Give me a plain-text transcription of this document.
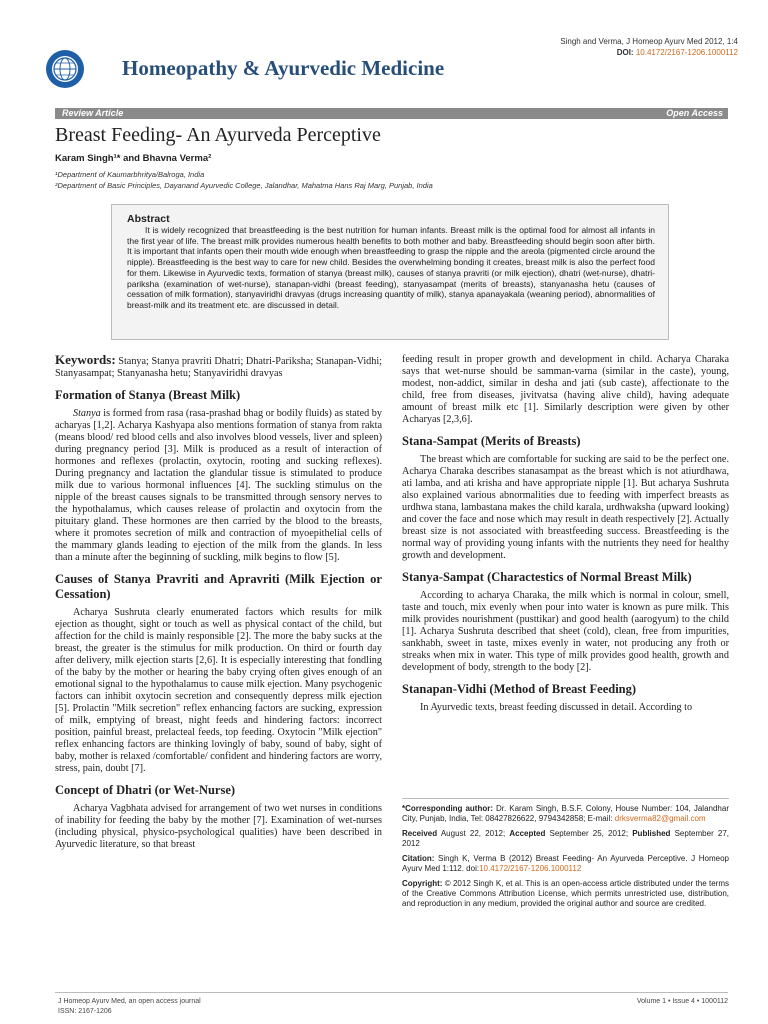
Singh and Verma, J Homeop Ayurv Med 2012, 1:4
DOI: 10.4172/2167-1206.1000112
Homeopathy & Ayurvedic Medicine
Review Article	Open Access
Breast Feeding- An Ayurveda Perceptive
Karam Singh¹* and Bhavna Verma²
¹Department of Kaumarbhritya/Balroga, India
²Department of Basic Principles, Dayanand Ayurvedic College, Jalandhar, Mahatma Hans Raj Marg, Punjab, India
Abstract

It is widely recognized that breastfeeding is the best nutrition for human infants. Breast milk is the optimal food for almost all infants in the first year of life. The breast milk provides numerous health benefits to both mother and baby. Breastfeeding should begin soon after birth. It is important that infants open their mouth wide enough when breastfeeding to grasp the nipple and the areola (pigmented circle around the nipple). Breastfeeding is the best way to care for new child. Besides the overwhelming bonding it creates, breast milk is also the perfect food for them. Likewise in Ayurvedic texts, formation of stanya (breast milk), causes of stanya pravriti (or milk ejection), dhatri (wet-nurse), dhatri-pariksha (examination of wet-nurse), stanapan-vidhi (breast feeding), stanyasampat (merits of breasts), stanyanasha hetu (causes of cessation of milk formation), stanyaviridhi dravyas (drugs increasing quantity of milk), stanya apanayakala (weaning period), abnormalities of breast-milk and its treatment etc. are discussed in detail.

Keywords: Stanya; Stanya pravriti Dhatri; Dhatri-Pariksha; Stanapan-Vidhi; Stanyasampat; Stanyanasha hetu; Stanyaviridhi dravyas

Formation of Stanya (Breast Milk)

Stanya is formed from rasa (rasa-prashad bhag or bodily fluids) as stated by acharyas [1,2]. Acharya Kashyapa also mentions formation of stanya from rakta (means blood/ red blood cells and also involves blood vessels, liver and spleen) during pregnancy period [3]. Milk is produced as a result of interaction of hormones and reflexes (prolactin, oxytocin, rooting and sucking reflexes). During pregnancy and lactation the glandular tissue is stimulated to produce milk due to various hormonal influences [4]. The suckling stimulus on the nipple of the breast causes signals to be transmitted through sensory nerves to the hypothalamus, which causes release of prolactin and oxytocin from the pituitary gland. These hormones are then carried by the blood to the breasts, where it promotes secretion of milk and contraction of myoepithelial cells of the mammary glands leading to ejection of the milk from the glands. In less than a minute after the beginning of suckling, milk begins to flow [5].

Causes of Stanya Pravriti and Apravriti (Milk Ejection or Cessation)

Acharya Sushruta clearly enumerated factors which results for milk ejection as thought, sight or touch as well as physical contact of the child, but affection for the child is mainly responsible [2]. The more the baby sucks at the breast, the greater is the stimulus for milk production. On third or fourth day after delivery, milk ejection starts [2,6]. It is especially interesting that fondling of the baby by the mother or hearing the baby crying often gives enough of an emotional signal to the hypothalamus to cause milk ejection. Many psychogenic factors can inhibit oxytocin secretion and consequently depress milk ejection [5]. Prolactin "Milk secretion" reflex enhancing factors are sucking, expression of milk, emptying of breast, night feeds and hindering factors: incorrect position, painful breast, prelacteal feeds, top feeding. Oxytocin "Milk ejection" reflex enhancing factors are thinking lovingly of baby, sound of baby, sight of baby, mother is relaxed /comfortable/ confident and hindering factors are worry, stress, pain, doubt [7].

Concept of Dhatri (or Wet-Nurse)

Acharya Vagbhata advised for arrangement of two wet nurses in conditions of inability for feeding the baby by the mother [7]. Examination of wet-nurses (including physical, physico-psychological qualities) have been described in Ayurvedic literature, so that breast

feeding result in proper growth and development in child. Acharya Charaka says that wet-nurse should be samman-varna (similar in the caste), young, modest, non-addict, similar in desha and jati (sub caste), affectionate to the child, free from diseases, jivitvatsa (having alive child), having adequate amount of breast milk etc [1]. Similarly description were given by other Acharyas [2,3,6].

Stana-Sampat (Merits of Breasts)

The breast which are comfortable for sucking are said to be the perfect one. Acharya Charaka describes stanasampat as the breast which is not atiurdhawa, ati lamba, and ati krisha and have appropriate nipple [1]. But acharya Sushruta also explained various abnormalities due to feeding with imperfect breasts as urdhwa stana, lambastana makes the child karala, urdhwaksha (upward looking) and cover the face and nose which may result in death respectively [2]. Actually breast size is not associated with breastfeeding success. Breastfeeding is the normal way of providing young infants with the nutrients they need for healthy growth and development.

Stanya-Sampat (Charactestics of Normal Breast Milk)

According to acharya Charaka, the milk which is normal in colour, smell, taste and touch, mix evenly when pour into water is known as pure milk. This milk provides nourishment (pusttikar) and good health (aarogyum) to the child [1]. Acharya Sushruta described that sheet (cold), clean, free from impurities, sankhabh, sweet in taste, mixes evenly in water, not producing any froth or streaks when mix in water. This type of milk provides good health, growth and development of body, strength to the body [2].

Stanapan-Vidhi (Method of Breast Feeding)

In Ayurvedic texts, breast feeding discussed in detail. According to

*Corresponding author: Dr. Karam Singh, B.S.F. Colony, House Number: 104, Jalandhar City, Punjab, India, Tel: 08427826622, 9794342858; E-mail: drksverma82@gmail.com

Received August 22, 2012; Accepted September 25, 2012; Published September 27, 2012

Citation: Singh K, Verma B (2012) Breast Feeding- An Ayurveda Perceptive. J Homeop Ayurv Med 1:112. doi:10.4172/2167-1206.1000112

Copyright: © 2012 Singh K, et al. This is an open-access article distributed under the terms of the Creative Commons Attribution License, which permits unrestricted use, distribution, and reproduction in any medium, provided the original author and source are credited.

J Homeop Ayurv Med, an open access journal
ISSN: 2167-1206
Volume 1 • Issue 4 • 1000112
